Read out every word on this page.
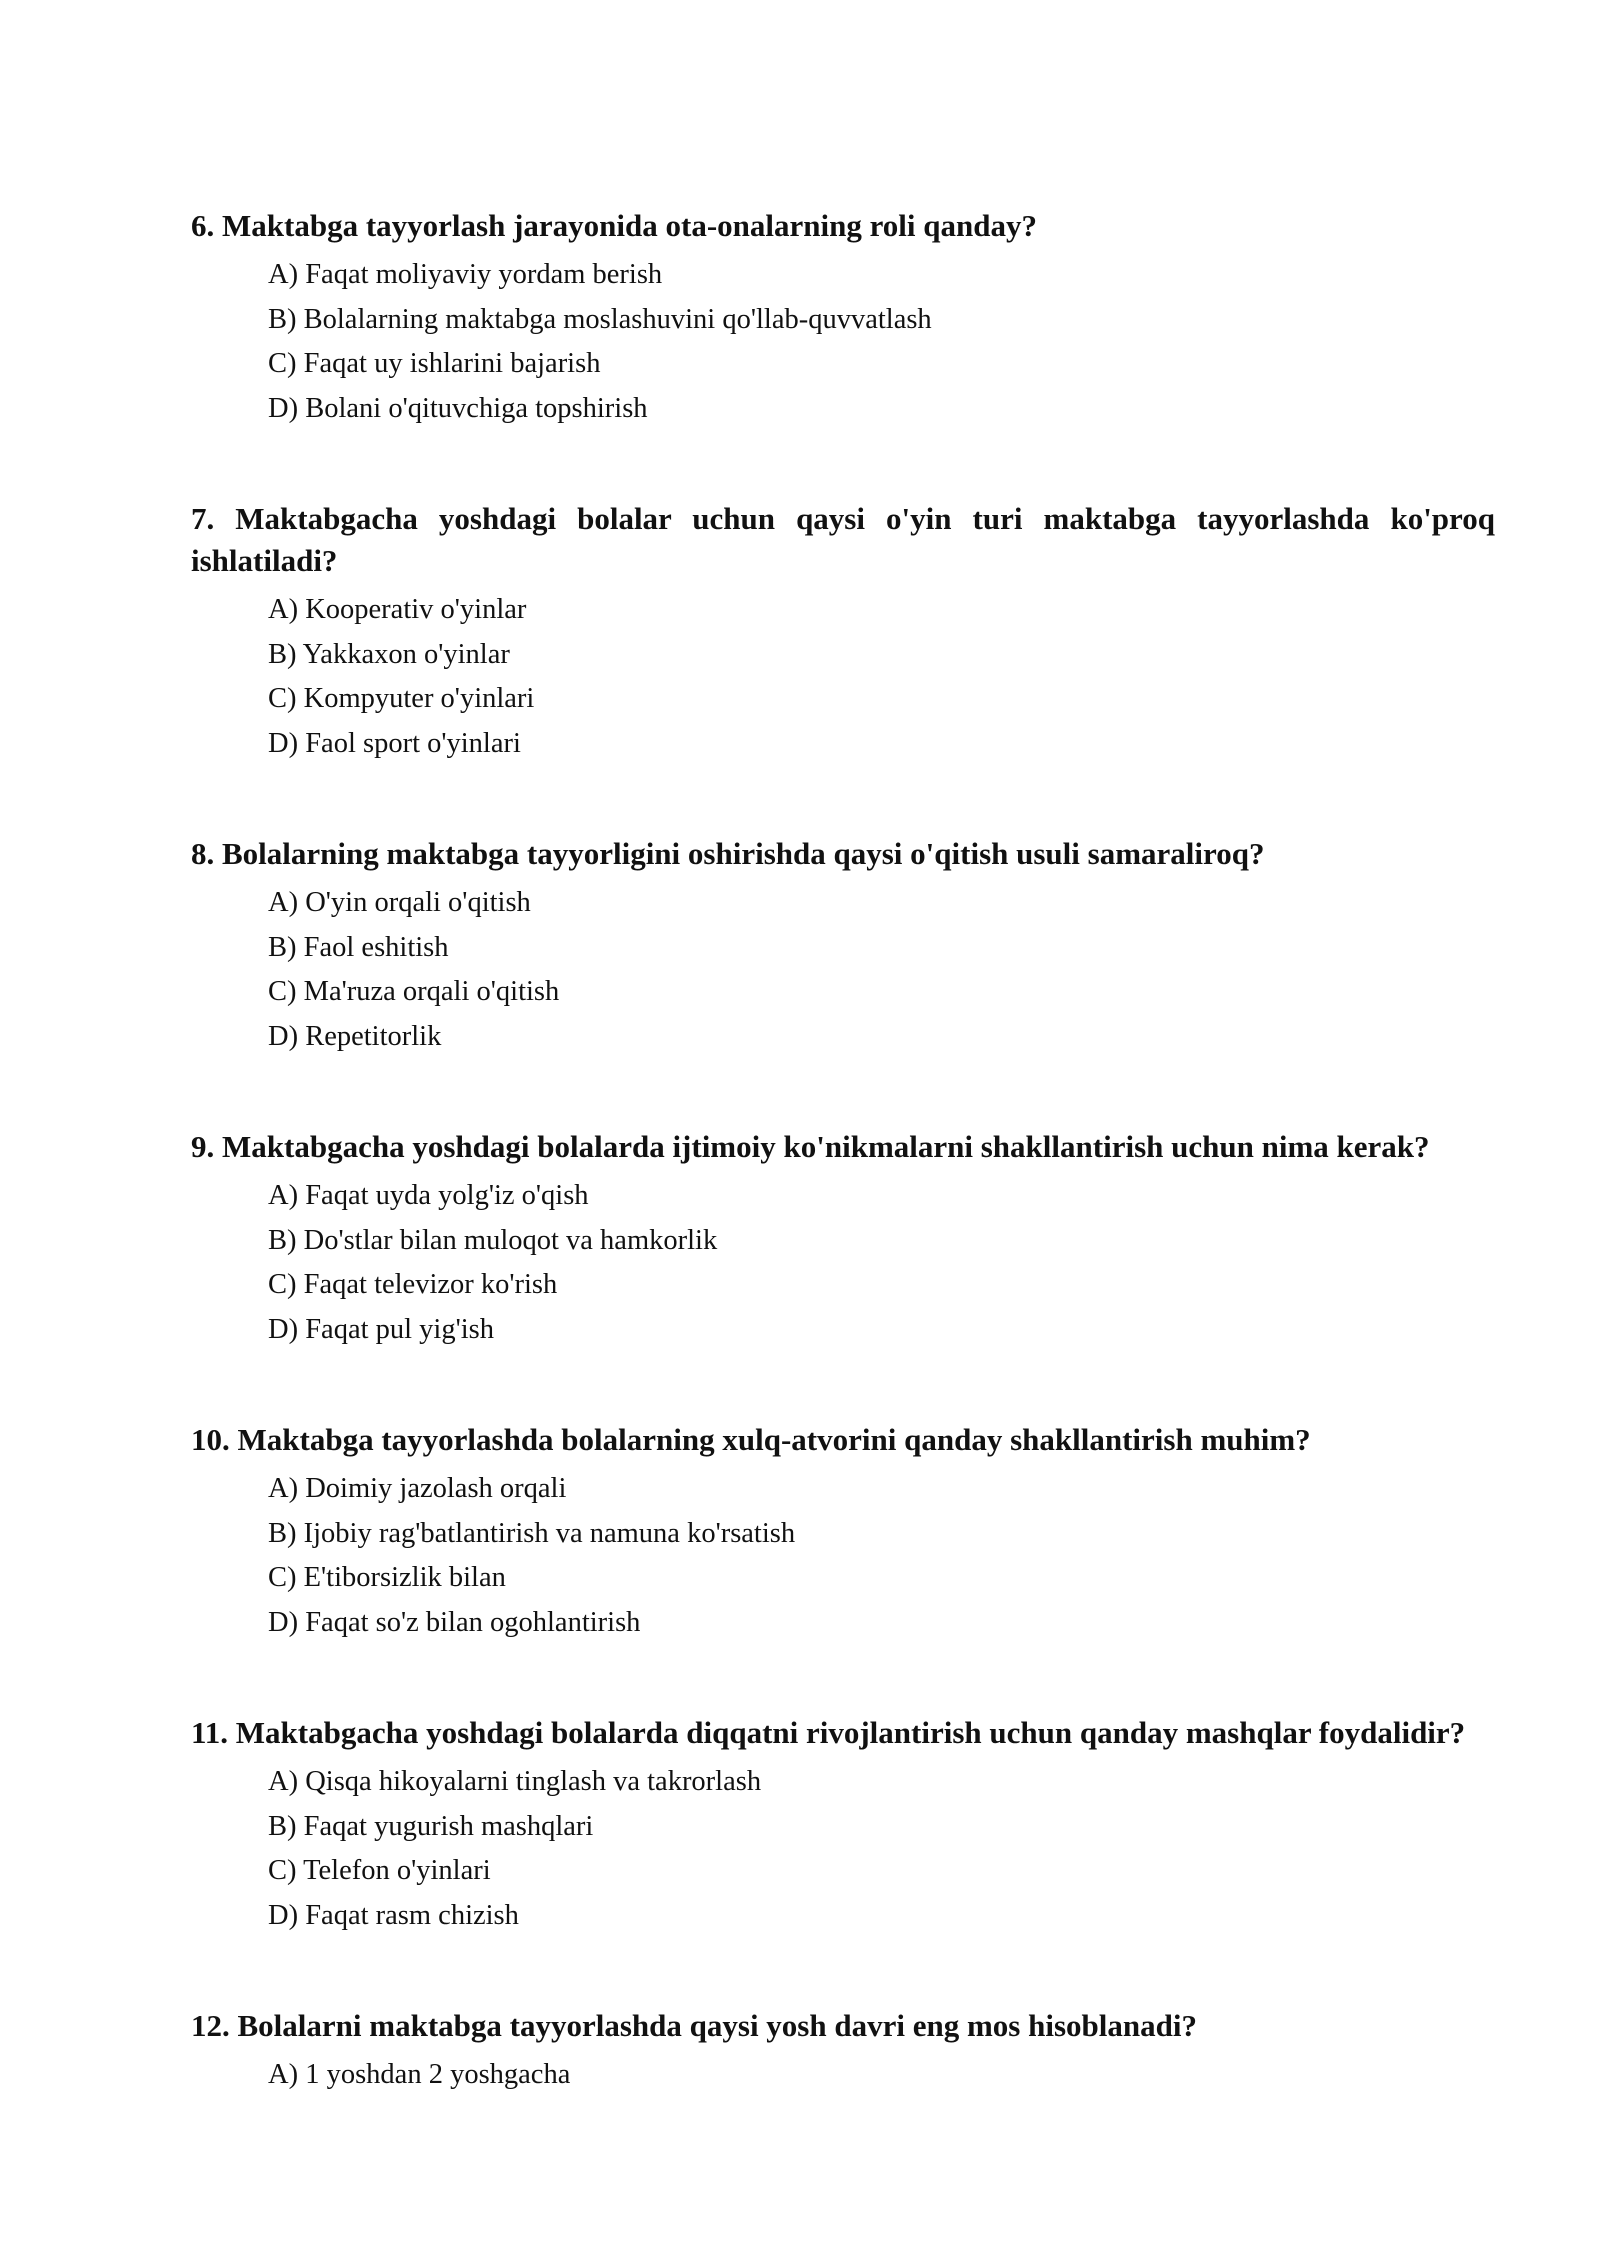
6. Maktabga tayyorlash jarayonida ota-onalarning roli qanday?

A) Faqat moliyaviy yordam berish
B) Bolalarning maktabga moslashuvini qo'llab-quvvatlash
C) Faqat uy ishlarini bajarish
D) Bolani o'qituvchiga topshirish

7. Maktabgacha yoshdagi bolalar uchun qaysi o'yin turi maktabga tayyorlashda ko'proq ishlatiladi?

A) Kooperativ o'yinlar
B) Yakkaxon o'yinlar
C) Kompyuter o'yinlari
D) Faol sport o'yinlari

8. Bolalarning maktabga tayyorligini oshirishda qaysi o'qitish usuli samaraliroq?

A) O'yin orqali o'qitish
B) Faol eshitish
C) Ma'ruza orqali o'qitish
D) Repetitorlik

9. Maktabgacha yoshdagi bolalarda ijtimoiy ko'nikmalarni shakllantirish uchun nima kerak?

A) Faqat uyda yolg'iz o'qish
B) Do'stlar bilan muloqot va hamkorlik
C) Faqat televizor ko'rish
D) Faqat pul yig'ish

10. Maktabga tayyorlashda bolalarning xulq-atvorini qanday shakllantirish muhim?

A) Doimiy jazolash orqali
B) Ijobiy rag'batlantirish va namuna ko'rsatish
C) E'tiborsizlik bilan
D) Faqat so'z bilan ogohlantirish

11. Maktabgacha yoshdagi bolalarda diqqatni rivojlantirish uchun qanday mashqlar foydalidir?

A) Qisqa hikoyalarni tinglash va takrorlash
B) Faqat yugurish mashqlari
C) Telefon o'yinlari
D) Faqat rasm chizish

12. Bolalarni maktabga tayyorlashda qaysi yosh davri eng mos hisoblanadi?

A) 1 yoshdan 2 yoshgacha
